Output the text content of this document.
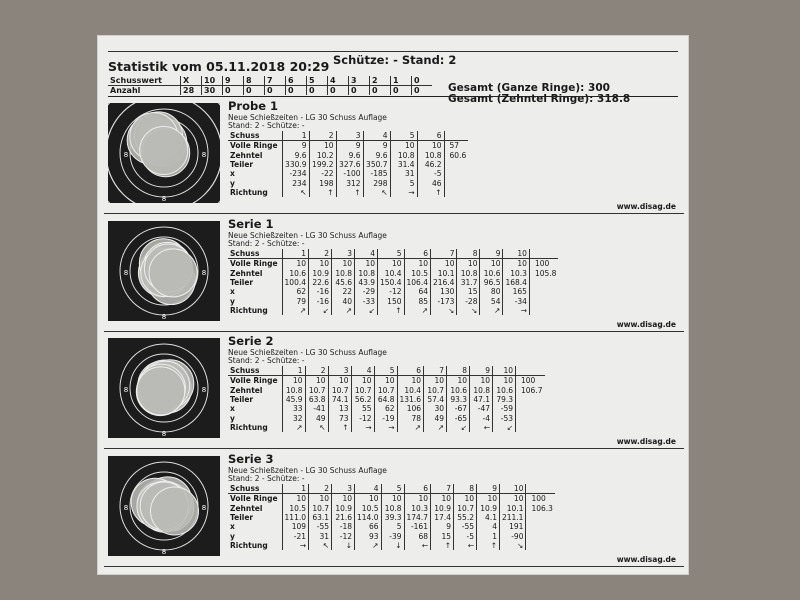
Schütze: - Stand: 2
Statistik vom 05.11.2018 20:29
Schusswert	X	10	9	8	7	6	5	4	3	2	1	0
Anzahl	28	30	0	0	0	0	0	0	0	0	0	0	Gesamt (Ganze Ringe): 300
Gesamt (Zehntel Ringe): 318.8
8	8
8
Probe 1
Neue Schießzeiten - LG 30 Schuss Auflage
Stand: 2 - Schütze: -
Schuss	1	2	3	4	5	6	
Volle Ringe	9	10	9	9	10	10	57
Zehntel	9.6	10.2	9.6	9.6	10.8	10.8	60.6
Teiler	330.9	199.2	327.6	350.7	31.4	46.2	
x	-234	-22	-100	-185	31	-5	
y	234	198	312	298	5	46	
Richtung	↖	↑	↑	↖	→	↑	
www.disag.de
8	8
8
Serie 1
Neue Schießzeiten - LG 30 Schuss Auflage
Stand: 2 - Schütze: -
Schuss	1	2	3	4	5	6	7	8	9	10	
Volle Ringe	10	10	10	10	10	10	10	10	10	10	100
Zehntel	10.6	10.9	10.8	10.8	10.4	10.5	10.1	10.8	10.6	10.3	105.8
Teiler	100.4	22.6	45.6	43.9	150.4	106.4	216.4	31.7	96.5	168.4	
x	62	-16	22	-29	-12	64	130	15	80	165	
y	79	-16	40	-33	150	85	-173	-28	54	-34	
Richtung	↗	↙	↗	↙	↑	↗	↘	↘	↗	→	
www.disag.de
8	8
8
Serie 2
Neue Schießzeiten - LG 30 Schuss Auflage
Stand: 2 - Schütze: -
Schuss	1	2	3	4	5	6	7	8	9	10	
Volle Ringe	10	10	10	10	10	10	10	10	10	10	100
Zehntel	10.8	10.7	10.7	10.7	10.7	10.4	10.7	10.6	10.8	10.6	106.7
Teiler	45.9	63.8	74.1	56.2	64.8	131.6	57.4	93.3	47.1	79.3	
x	33	-41	13	55	62	106	30	-67	-47	-59	
y	32	49	73	-12	-19	78	49	-65	-4	-53	
Richtung	↗	↖	↑	→	→	↗	↗	↙	←	↙	
www.disag.de
8	8
8
Serie 3
Neue Schießzeiten - LG 30 Schuss Auflage
Stand: 2 - Schütze: -
Schuss	1	2	3	4	5	6	7	8	9	10	
Volle Ringe	10	10	10	10	10	10	10	10	10	10	100
Zehntel	10.5	10.7	10.9	10.5	10.8	10.3	10.9	10.7	10.9	10.1	106.3
Teiler	111.0	63.1	21.6	114.0	39.3	174.7	17.4	55.2	4.1	211.1	
x	109	-55	-18	66	5	-161	9	-55	4	191	
y	-21	31	-12	93	-39	68	15	-5	1	-90	
Richtung	→	↖	↓	↗	↓	←	↑	←	↑	↘	
www.disag.de
